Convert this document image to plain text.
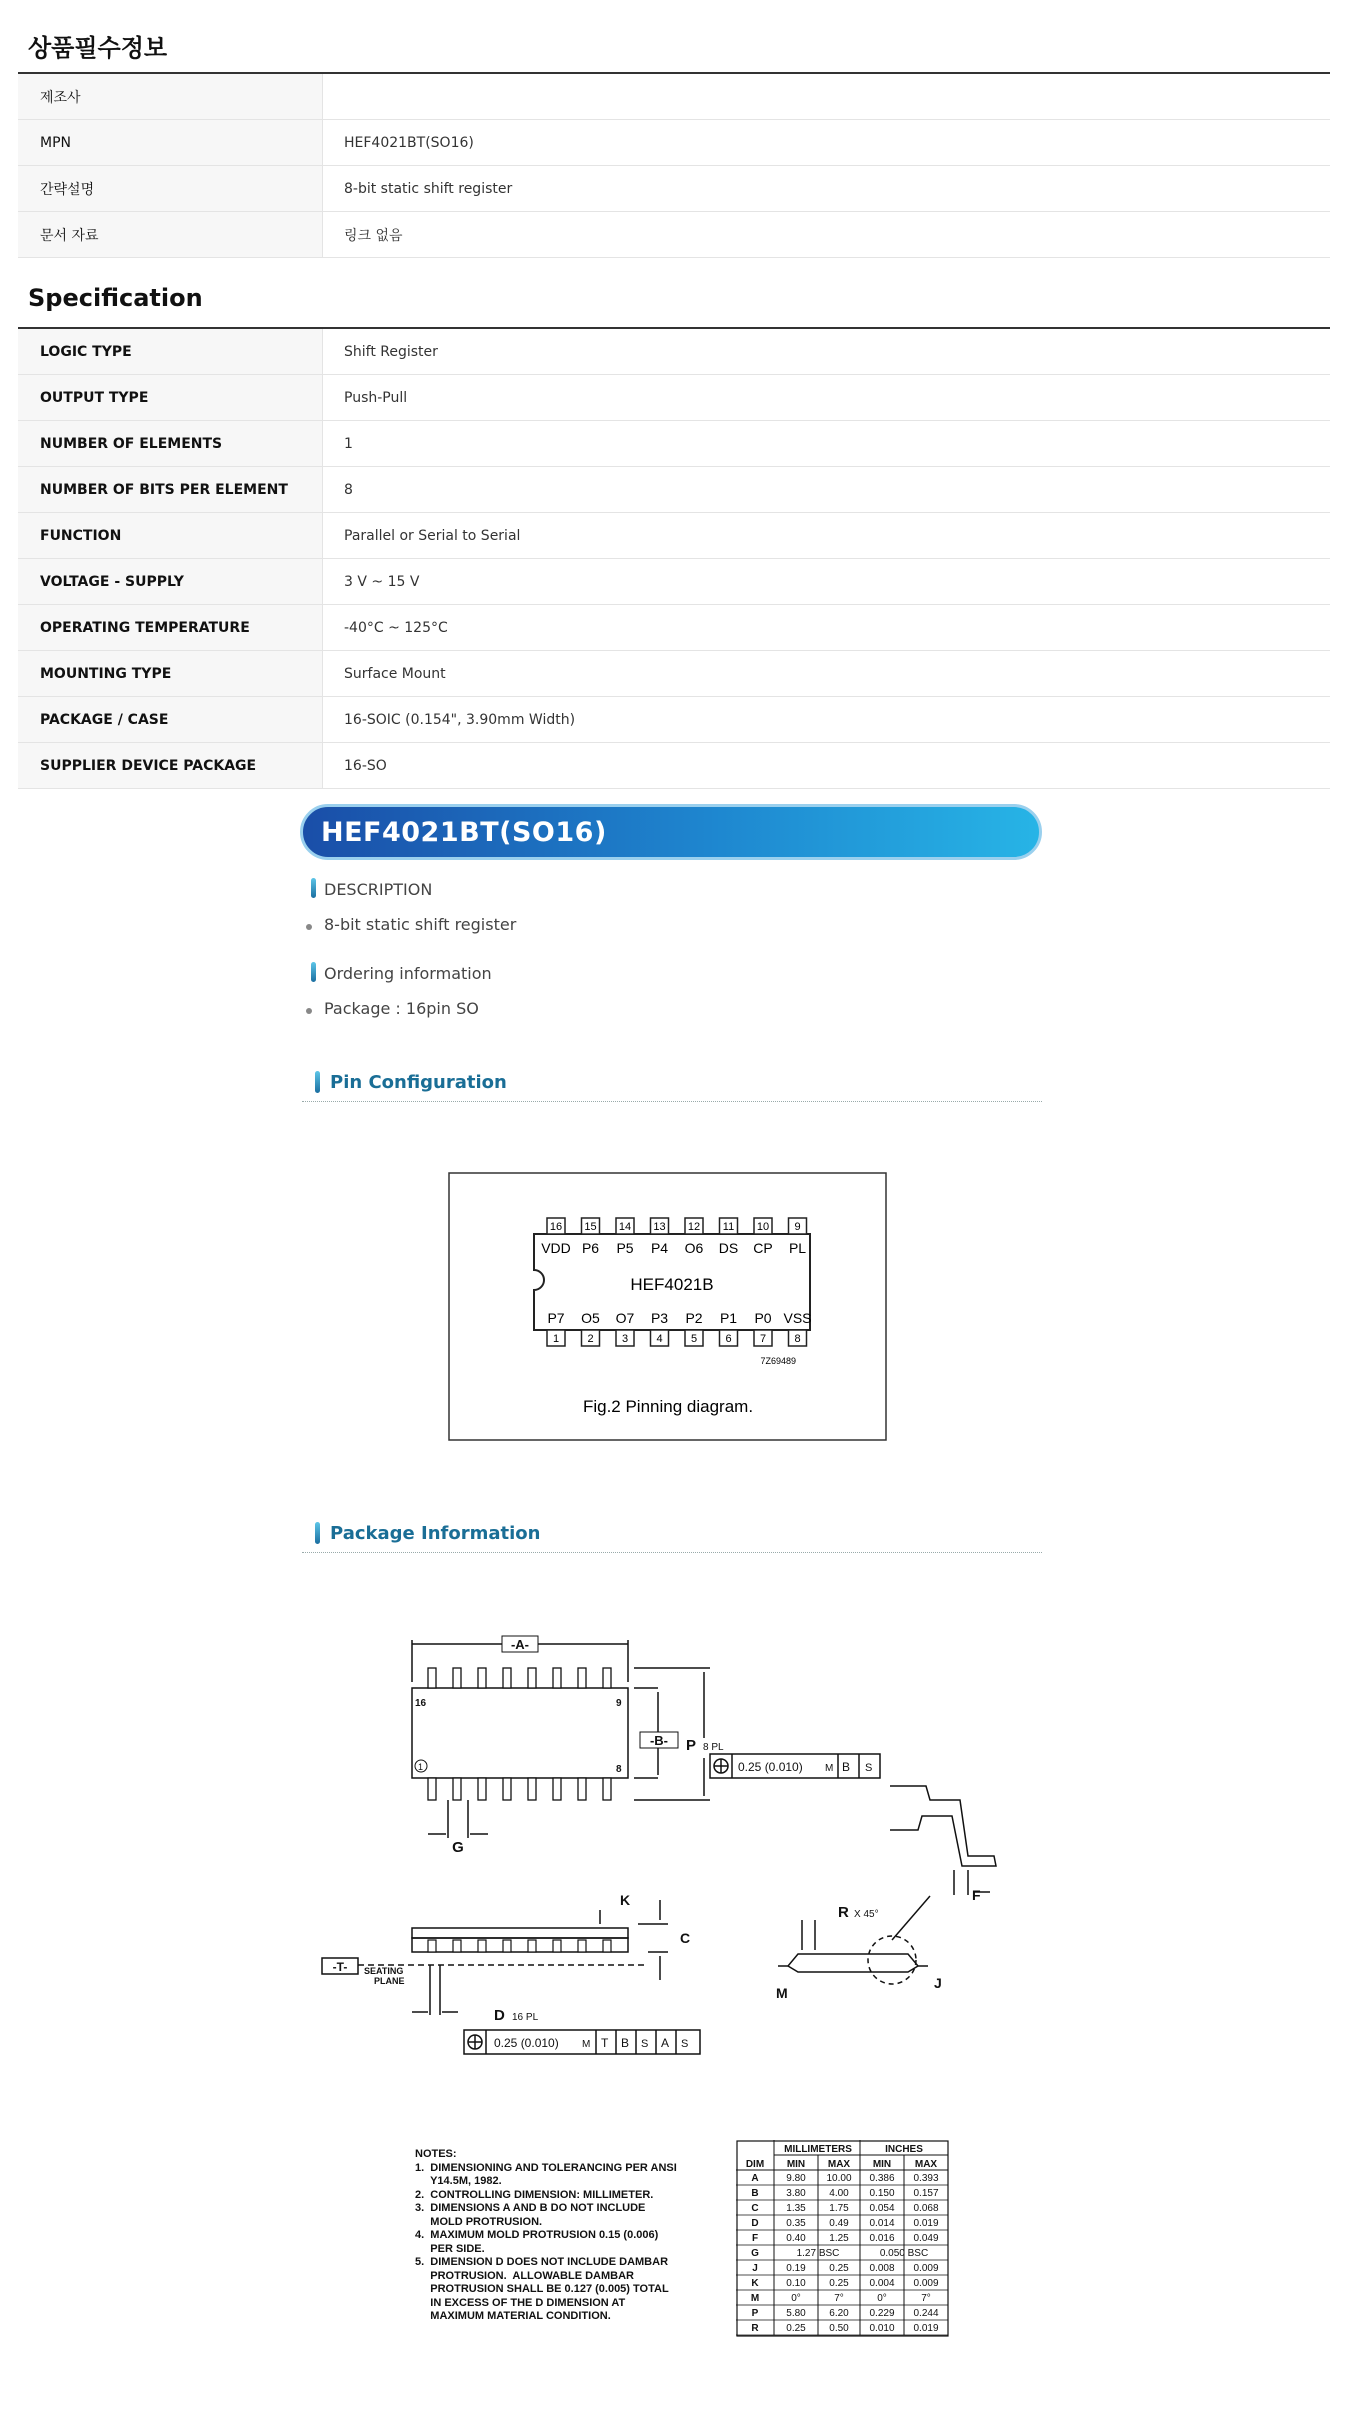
상품필수정보
제조사	
MPN	HEF4021BT(SO16)
간략설명	8-bit static shift register
문서 자료	링크 없음
Specification
LOGIC TYPE	Shift Register
OUTPUT TYPE	Push-Pull
NUMBER OF ELEMENTS	1
NUMBER OF BITS PER ELEMENT	8
FUNCTION	Parallel or Serial to Serial
VOLTAGE - SUPPLY	3 V ~ 15 V
OPERATING TEMPERATURE	-40°C ~ 125°C
MOUNTING TYPE	Surface Mount
PACKAGE / CASE	16-SOIC (0.154", 3.90mm Width)
SUPPLIER DEVICE PACKAGE	16-SO
HEF4021BT(SO16)
DESCRIPTION
8-bit static shift register
Ordering information
Package : 16pin SO
Pin Configuration
16
VDD
15
P6
14
P5
13
P4
12
O6
11
DS
10
CP
9
PL
1
P7
2
O5
3
O7
4
P3
5
P2
6
P1
7
P0
8
VSS
HEF4021B
7Z69489
Fig.2 Pinning diagram.
Package Information
-A-
-B- P 8 PL
0.25 (0.010) M B S
16	9
1	8
G
K
C
-T- SEATING
PLANE
D 16 PL
0.25 (0.010) M T B S A S
R X 45°
F
J
M
NOTES:
1.  DIMENSIONING AND TOLERANCING PER ANSI
Y14.5M, 1982.
2.  CONTROLLING DIMENSION: MILLIMETER.
3.  DIMENSIONS A AND B DO NOT INCLUDE
MOLD PROTRUSION.
4.  MAXIMUM MOLD PROTRUSION 0.15 (0.006)
PER SIDE.
5.  DIMENSION D DOES NOT INCLUDE DAMBAR
PROTRUSION.  ALLOWABLE DAMBAR
PROTRUSION SHALL BE 0.127 (0.005) TOTAL
IN EXCESS OF THE D DIMENSION AT
MAXIMUM MATERIAL CONDITION.
MILLIMETERS	INCHES
DIM MIN MAX MIN MAX
A	9.80 10.00 0.386 0.393
B	3.80 4.00 0.150 0.157
C	1.35 1.75 0.054 0.068
D	0.35 0.49 0.014 0.019
F	0.40 1.25 0.016 0.049
G	1.27 BSC	0.050 BSC
J	0.19 0.25 0.008 0.009
K	0.10 0.25 0.004 0.009
M	0°	7°	0°	7°
P	5.80 6.20 0.229 0.244
R	0.25 0.50 0.010 0.019
